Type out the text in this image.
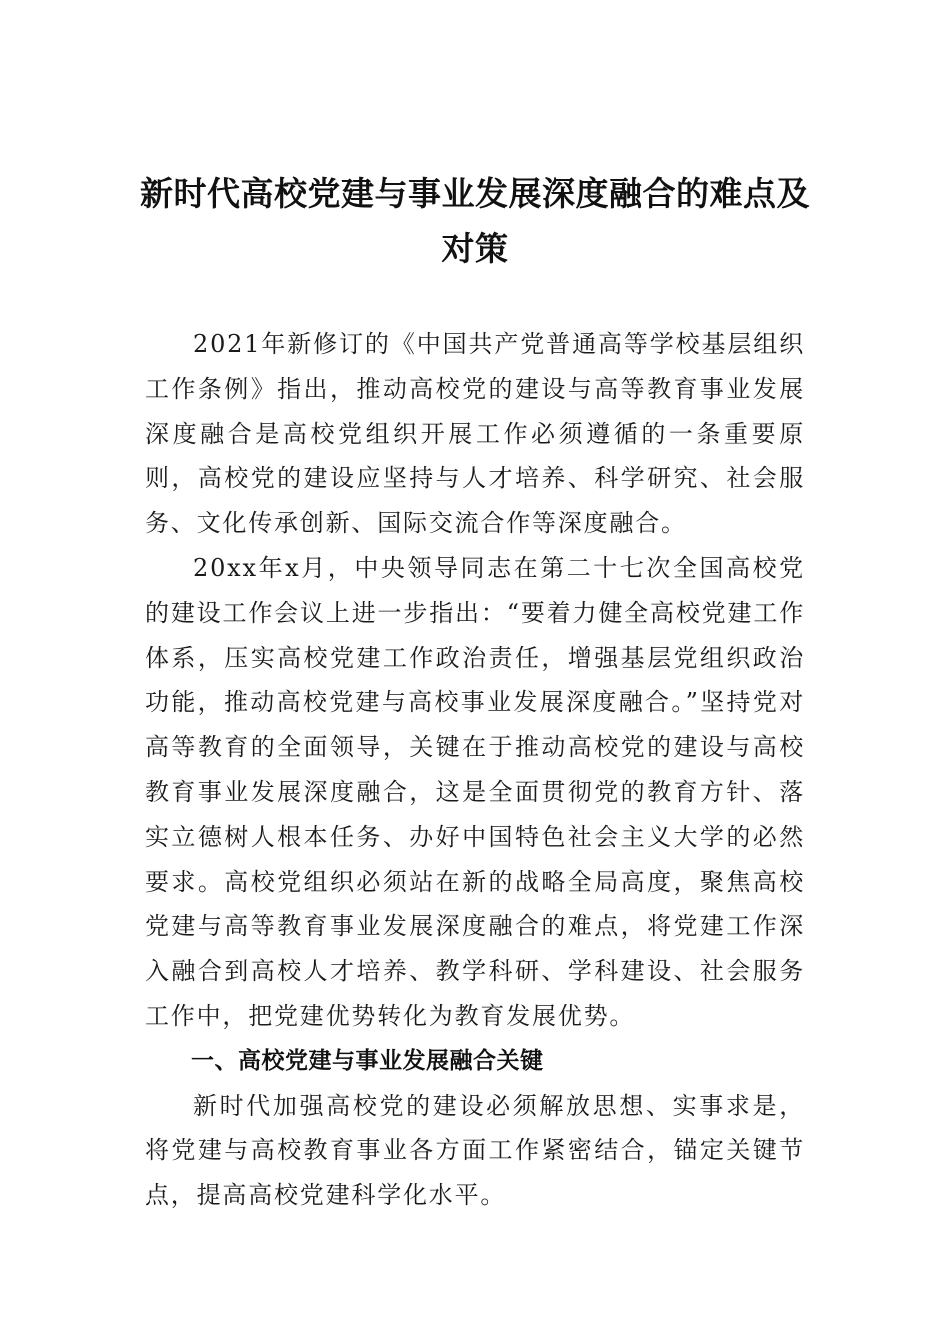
新时代高校党建与事业发展深度融合的难点及对策

2021年新修订的《中国共产党普通高等学校基层组织工作条例》指出，推动高校党的建设与高等教育事业发展深度融合是高校党组织开展工作必须遵循的一条重要原则，高校党的建设应坚持与人才培养、科学研究、社会服务、文化传承创新、国际交流合作等深度融合。

20xx年x月，中央领导同志在第二十七次全国高校党的建设工作会议上进一步指出：“要着力健全高校党建工作体系，压实高校党建工作政治责任，增强基层党组织政治功能，推动高校党建与高校事业发展深度融合。”坚持党对高等教育的全面领导，关键在于推动高校党的建设与高校教育事业发展深度融合，这是全面贯彻党的教育方针、落实立德树人根本任务、办好中国特色社会主义大学的必然要求。高校党组织必须站在新的战略全局高度，聚焦高校党建与高等教育事业发展深度融合的难点，将党建工作深入融合到高校人才培养、教学科研、学科建设、社会服务工作中，把党建优势转化为教育发展优势。

一、高校党建与事业发展融合关键

新时代加强高校党的建设必须解放思想、实事求是，将党建与高校教育事业各方面工作紧密结合，锚定关键节点，提高高校党建科学化水平。
